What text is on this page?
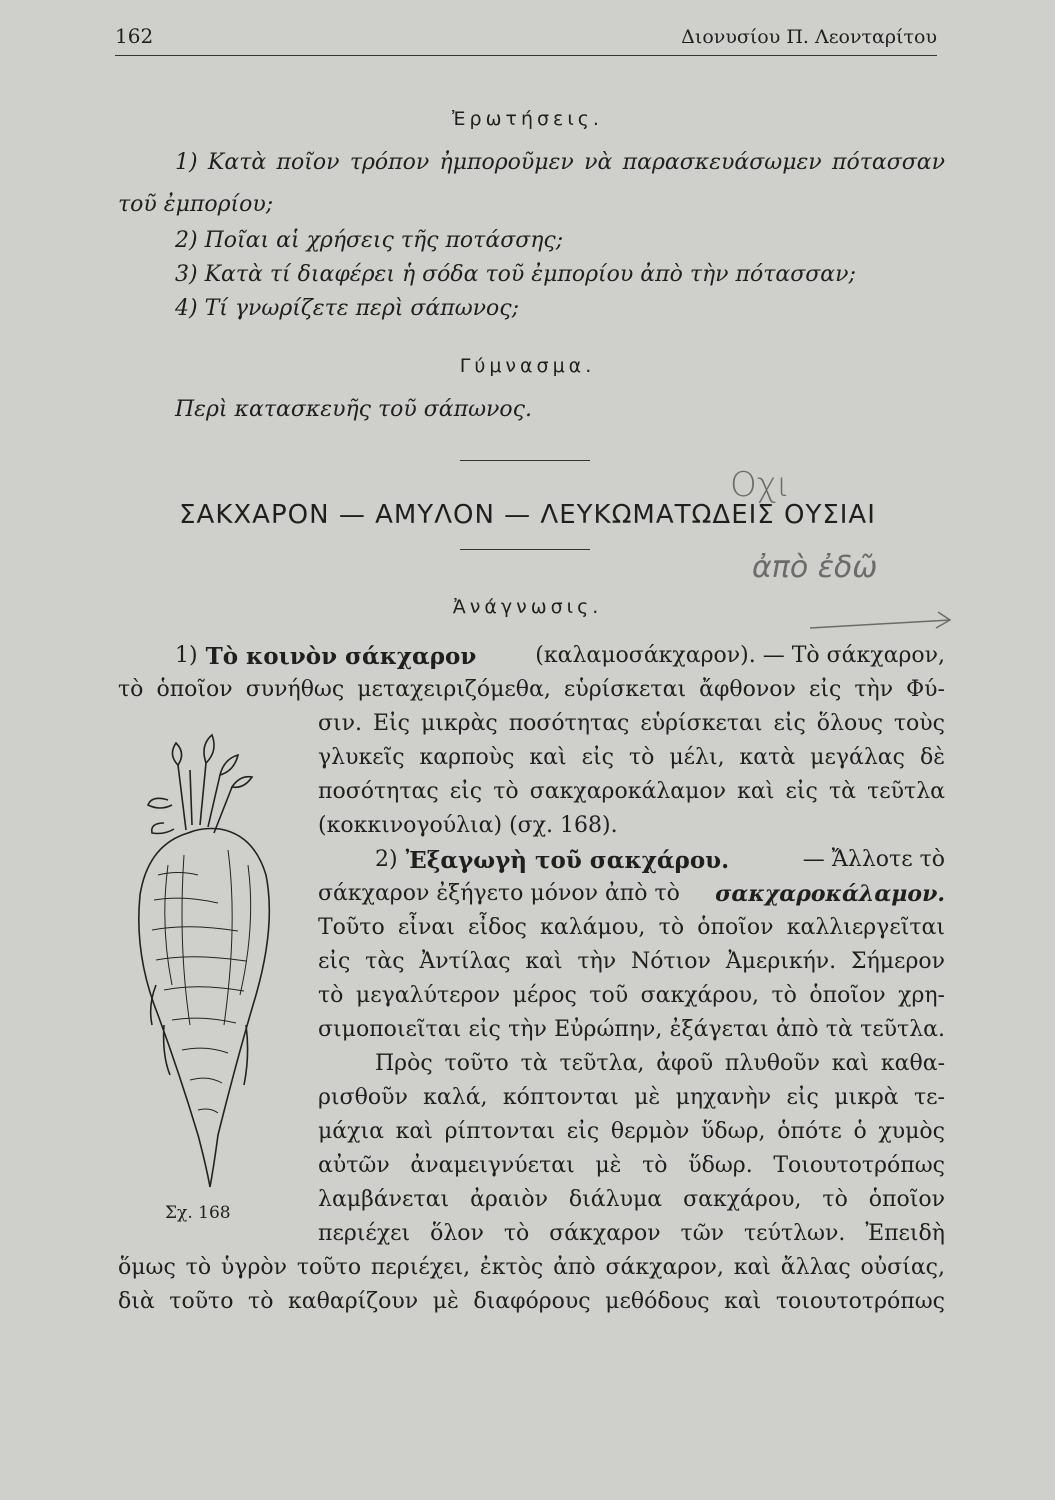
162	Διονυσίου Π. Λεονταρίτου
Ἐρωτήσεις.
1) Κατὰ ποῖον τρόπον ἠμποροῦμεν νὰ παρασκευάσωμεν πότασσαν
τοῦ ἐμπορίου;
2) Ποῖαι αἱ χρήσεις τῆς ποτάσσης;
3) Κατὰ τί διαφέρει ἡ σόδα τοῦ ἐμπορίου ἀπὸ τὴν πότασσαν;
4) Τί γνωρίζετε περὶ σάπωνος;
Γύμνασμα.
Περὶ κατασκευῆς τοῦ σάπωνος.
Οχι
ἀπὸ ἐδῶ
ΣΑΚΧΑΡΟΝ — ΑΜΥΛΟΝ — ΛΕΥΚΩΜΑΤΩΔΕΙΣ ΟΥΣΙΑΙ
Ἀνάγνωσις.
1) Τὸ κοινὸν σάκχαρον	(καλαμοσάκχαρον). — Τὸ σάκχαρον,
τὸ ὁποῖον συνήθως μεταχειριζόμεθα, εὑρίσκεται ἄφθονον εἰς τὴν Φύ-
σιν. Εἰς μικρὰς ποσότητας εὑρίσκεται εἰς ὅλους τοὺς
γλυκεῖς καρποὺς καὶ εἰς τὸ μέλι, κατὰ μεγάλας δὲ
ποσότητας εἰς τὸ σακχαροκάλαμον καὶ εἰς τὰ τεῦτλα
(κοκκινογούλια) (σχ. 168).
2) Ἐξαγωγὴ τοῦ σακχάρου.	— Ἄλλοτε τὸ
σάκχαρον ἐξήγετο μόνον ἀπὸ τὸ	σακχαροκάλαμον.
Τοῦτο εἶναι εἶδος καλάμου, τὸ ὁποῖον καλλιεργεῖται
εἰς τὰς Ἀντίλας καὶ τὴν Νότιον Ἀμερικήν. Σήμερον
τὸ μεγαλύτερον μέρος τοῦ σακχάρου, τὸ ὁποῖον χρη-
σιμοποιεῖται εἰς τὴν Εὐρώπην, ἐξάγεται ἀπὸ τὰ τεῦτλα.
Πρὸς τοῦτο τὰ τεῦτλα, ἀφοῦ πλυθοῦν καὶ καθα-
ρισθοῦν καλά, κόπτονται μὲ μηχανὴν εἰς μικρὰ τε-
μάχια καὶ ρίπτονται εἰς θερμὸν ὕδωρ, ὁπότε ὁ χυμὸς
αὐτῶν ἀναμειγνύεται μὲ τὸ ὕδωρ. Τοιουτοτρόπως
λαμβάνεται ἀραιὸν διάλυμα σακχάρου, τὸ ὁποῖον
περιέχει ὅλον τὸ σάκχαρον τῶν τεύτλων. Ἐπειδὴ
ὅμως τὸ ὑγρὸν τοῦτο περιέχει, ἐκτὸς ἀπὸ σάκχαρον, καὶ ἄλλας οὐσίας,
διὰ τοῦτο τὸ καθαρίζουν μὲ διαφόρους μεθόδους καὶ τοιουτοτρόπως
Σχ. 168
